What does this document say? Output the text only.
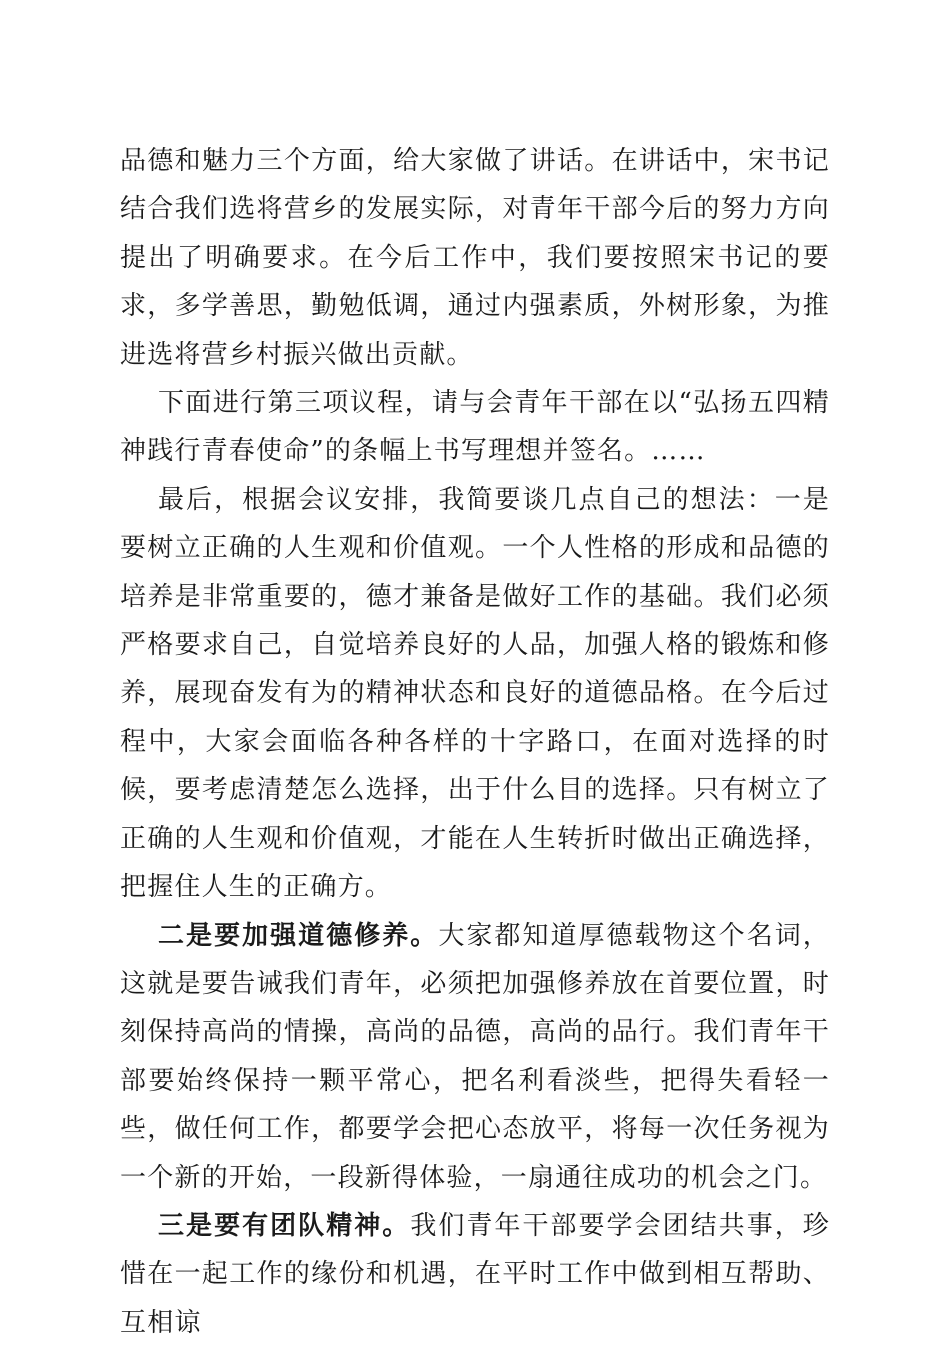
品德和魅力三个方面，给大家做了讲话。在讲话中，宋书记结合我们选将营乡的发展实际，对青年干部今后的努力方向提出了明确要求。在今后工作中，我们要按照宋书记的要求，多学善思，勤勉低调，通过内强素质，外树形象，为推进选将营乡村振兴做出贡献。

下面进行第三项议程，请与会青年干部在以“弘扬五四精神践行青春使命”的条幅上书写理想并签名。……

最后，根据会议安排，我简要谈几点自己的想法：一是要树立正确的人生观和价值观。一个人性格的形成和品德的培养是非常重要的，德才兼备是做好工作的基础。我们必须严格要求自己，自觉培养良好的人品，加强人格的锻炼和修养，展现奋发有为的精神状态和良好的道德品格。在今后过程中，大家会面临各种各样的十字路口，在面对选择的时候，要考虑清楚怎么选择，出于什么目的选择。只有树立了正确的人生观和价值观，才能在人生转折时做出正确选择，把握住人生的正确方。

二是要加强道德修养。大家都知道厚德载物这个名词，这就是要告诫我们青年，必须把加强修养放在首要位置，时刻保持高尚的情操，高尚的品德，高尚的品行。我们青年干部要始终保持一颗平常心，把名利看淡些，把得失看轻一些，做任何工作，都要学会把心态放平，将每一次任务视为一个新的开始，一段新得体验，一扇通往成功的机会之门。

三是要有团队精神。我们青年干部要学会团结共事，珍惜在一起工作的缘份和机遇，在平时工作中做到相互帮助、互相谅
